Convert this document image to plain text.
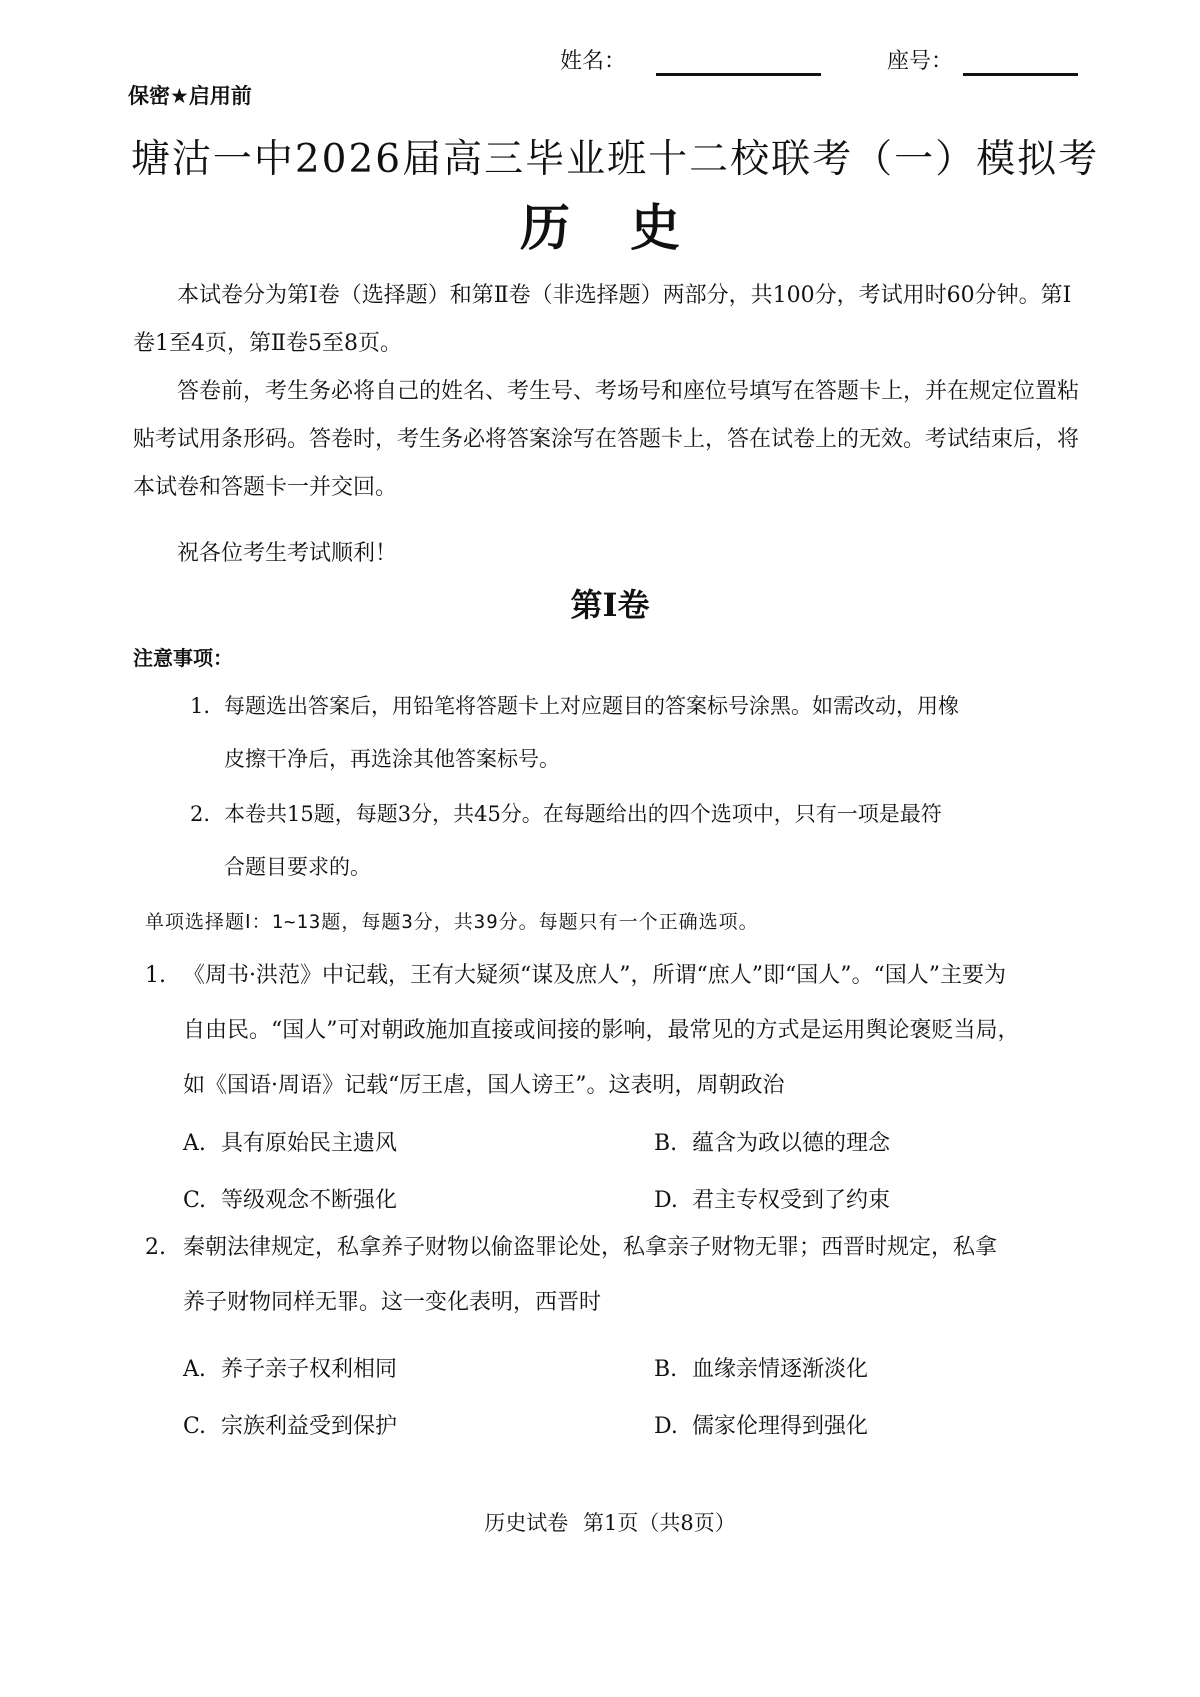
姓名：	座号：
保密★启用前
塘沽一中2026届高三毕业班十二校联考（一）模拟考
历史
本试卷分为第Ⅰ卷（选择题）和第Ⅱ卷（非选择题）两部分，共100分，考试用时60分钟。第Ⅰ卷1至4页，第Ⅱ卷5至8页。
答卷前，考生务必将自己的姓名、考生号、考场号和座位号填写在答题卡上，并在规定位置粘贴考试用条形码。答卷时，考生务必将答案涂写在答题卡上，答在试卷上的无效。考试结束后，将本试卷和答题卡一并交回。
祝各位考生考试顺利！
第Ⅰ卷
注意事项：
1. 每题选出答案后，用铅笔将答题卡上对应题目的答案标号涂黑。如需改动，用橡
皮擦干净后，再选涂其他答案标号。
2. 本卷共15题，每题3分，共45分。在每题给出的四个选项中，只有一项是最符
合题目要求的。
单项选择题Ⅰ：1~13题，每题3分，共39分。每题只有一个正确选项。
1. 《周书·洪范》中记载，王有大疑须“谋及庶人”，所谓“庶人”即“国人”。“国人”主要为
自由民。“国人”可对朝政施加直接或间接的影响，最常见的方式是运用舆论褒贬当局，
如《国语·周语》记载“厉王虐，国人谤王”。这表明，周朝政治
A. 具有原始民主遗风	B. 蕴含为政以德的理念
C. 等级观念不断强化	D. 君主专权受到了约束
2. 秦朝法律规定，私拿养子财物以偷盗罪论处，私拿亲子财物无罪；西晋时规定，私拿
养子财物同样无罪。这一变化表明，西晋时
A. 养子亲子权利相同	B. 血缘亲情逐渐淡化
C. 宗族利益受到保护	D. 儒家伦理得到强化
历史试卷 第1页（共8页）
